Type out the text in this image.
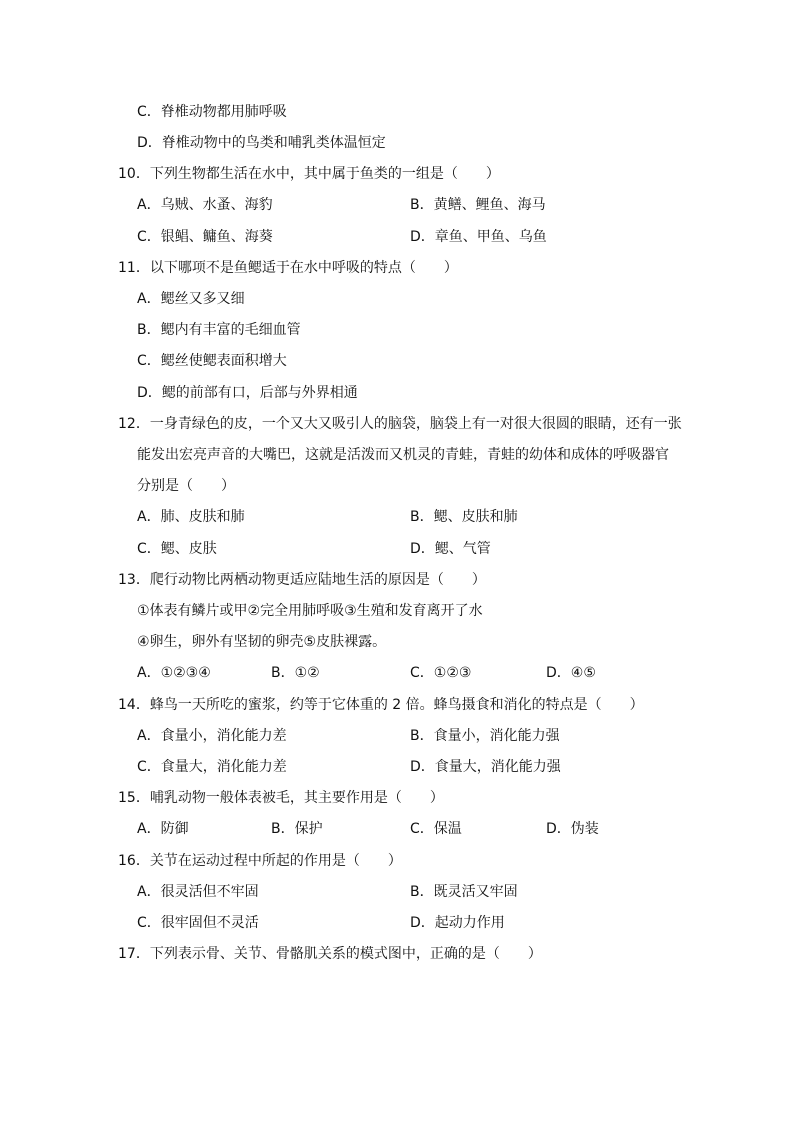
C．脊椎动物都用肺呼吸
D．脊椎动物中的鸟类和哺乳类体温恒定
10．下列生物都生活在水中，其中属于鱼类的一组是（　　）
A．乌贼、水蚤、海豹	B．黄鳝、鲤鱼、海马
C．银鲳、鳙鱼、海葵	D．章鱼、甲鱼、乌鱼
11．以下哪项不是鱼鳃适于在水中呼吸的特点（　　）
A．鳃丝又多又细
B．鳃内有丰富的毛细血管
C．鳃丝使鳃表面积增大
D．鳃的前部有口，后部与外界相通
12．一身青绿色的皮，一个又大又吸引人的脑袋，脑袋上有一对很大很圆的眼睛，还有一张
能发出宏亮声音的大嘴巴，这就是活泼而又机灵的青蛙，青蛙的幼体和成体的呼吸器官
分别是（　　）
A．肺、皮肤和肺	B．鳃、皮肤和肺
C．鳃、皮肤	D．鳃、气管
13．爬行动物比两栖动物更适应陆地生活的原因是（　　）
①体表有鳞片或甲②完全用肺呼吸③生殖和发育离开了水
④卵生，卵外有坚韧的卵壳⑤皮肤裸露。
A．①②③④	B．①②	C．①②③	D．④⑤
14．蜂鸟一天所吃的蜜浆，约等于它体重的 2 倍。蜂鸟摄食和消化的特点是（　　）
A．食量小，消化能力差	B．食量小，消化能力强
C．食量大，消化能力差	D．食量大，消化能力强
15．哺乳动物一般体表被毛，其主要作用是（　　）
A．防御	B．保护	C．保温	D．伪装
16．关节在运动过程中所起的作用是（　　）
A．很灵活但不牢固	B．既灵活又牢固
C．很牢固但不灵活	D．起动力作用
17．下列表示骨、关节、骨骼肌关系的模式图中，正确的是（　　）
